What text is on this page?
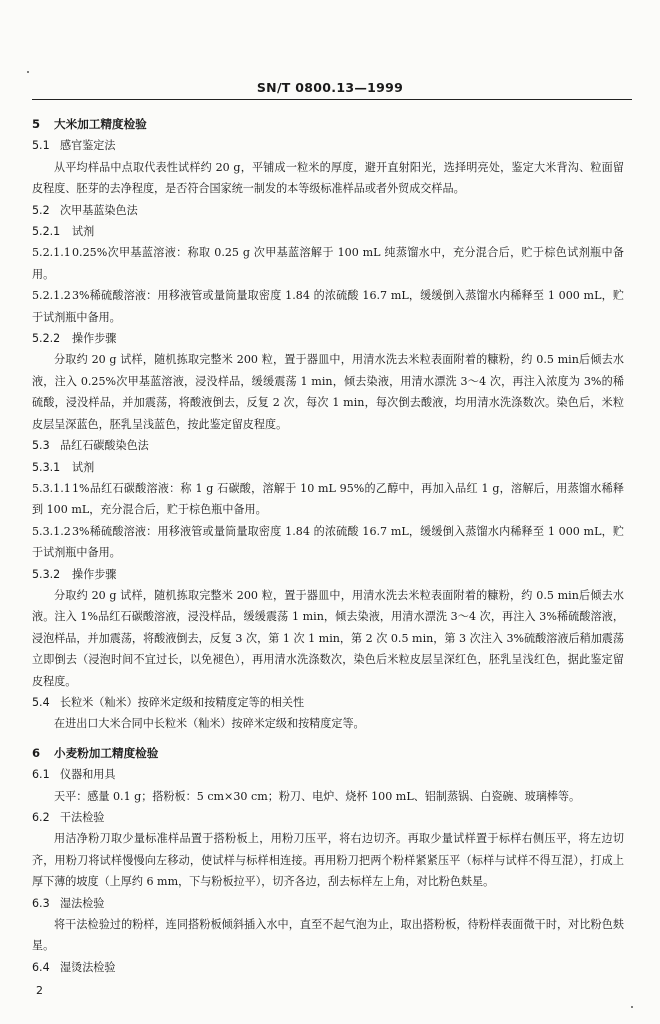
SN/T 0800.13—1999
5 大米加工精度检验
5.1 感官鉴定法
从平均样品中点取代表性试样约 20 g，平铺成一粒米的厚度，避开直射阳光，选择明亮处，鉴定大米背沟、粒面留皮程度、胚芽的去净程度，是否符合国家统一制发的本等级标准样品或者外贸成交样品。
5.2 次甲基蓝染色法
5.2.1 试剂
5.2.1.10.25%次甲基蓝溶液：称取 0.25 g 次甲基蓝溶解于 100 mL 纯蒸馏水中，充分混合后，贮于棕色试剂瓶中备用。
5.2.1.23%稀硫酸溶液：用移液管或量筒量取密度 1.84 的浓硫酸 16.7 mL，缓缓倒入蒸馏水内稀释至 1 000 mL，贮于试剂瓶中备用。
5.2.2 操作步骤
分取约 20 g 试样，随机拣取完整米 200 粒，置于器皿中，用清水洗去米粒表面附着的糠粉，约 0.5 min后倾去水液，注入 0.25%次甲基蓝溶液，浸没样品，缓缓震荡 1 min，倾去染液，用清水漂洗 3～4 次，再注入浓度为 3%的稀硫酸，浸没样品，并加震荡，将酸液倒去，反复 2 次，每次 1 min，每次倒去酸液，均用清水洗涤数次。染色后，米粒皮层呈深蓝色，胚乳呈浅蓝色，按此鉴定留皮程度。
5.3 品红石碳酸染色法
5.3.1 试剂
5.3.1.11%品红石碳酸溶液：称 1 g 石碳酸，溶解于 10 mL 95%的乙醇中，再加入品红 1 g，溶解后，用蒸馏水稀释到 100 mL，充分混合后，贮于棕色瓶中备用。
5.3.1.23%稀硫酸溶液：用移液管或量筒量取密度 1.84 的浓硫酸 16.7 mL，缓缓倒入蒸馏水内稀释至 1 000 mL，贮于试剂瓶中备用。
5.3.2 操作步骤
分取约 20 g 试样，随机拣取完整米 200 粒，置于器皿中，用清水洗去米粒表面附着的糠粉，约 0.5 min后倾去水液。注入 1%品红石碳酸溶液，浸没样品，缓缓震荡 1 min，倾去染液，用清水漂洗 3～4 次，再注入 3%稀硫酸溶液，浸泡样品，并加震荡，将酸液倒去，反复 3 次，第 1 次 1 min，第 2 次 0.5 min，第 3 次注入 3%硫酸溶液后稍加震荡立即倒去（浸泡时间不宜过长，以免褪色），再用清水洗涤数次，染色后米粒皮层呈深红色，胚乳呈浅红色，据此鉴定留皮程度。
5.4 长粒米（籼米）按碎米定级和按精度定等的相关性
在进出口大米合同中长粒米（籼米）按碎米定级和按精度定等。
6 小麦粉加工精度检验
6.1 仪器和用具
天平：感量 0.1 g；搭粉板：5 cm×30 cm；粉刀、电炉、烧杯 100 mL、铝制蒸锅、白瓷碗、玻璃棒等。
6.2 干法检验
用洁净粉刀取少量标准样品置于搭粉板上，用粉刀压平，将右边切齐。再取少量试样置于标样右侧压平，将左边切齐，用粉刀将试样慢慢向左移动，使试样与标样相连接。再用粉刀把两个粉样紧紧压平（标样与试样不得互混），打成上厚下薄的坡度（上厚约 6 mm，下与粉板拉平），切齐各边，刮去标样左上角，对比粉色麸星。
6.3 湿法检验
将干法检验过的粉样，连同搭粉板倾斜插入水中，直至不起气泡为止，取出搭粉板，待粉样表面微干时，对比粉色麸星。
6.4 湿烫法检验
2
